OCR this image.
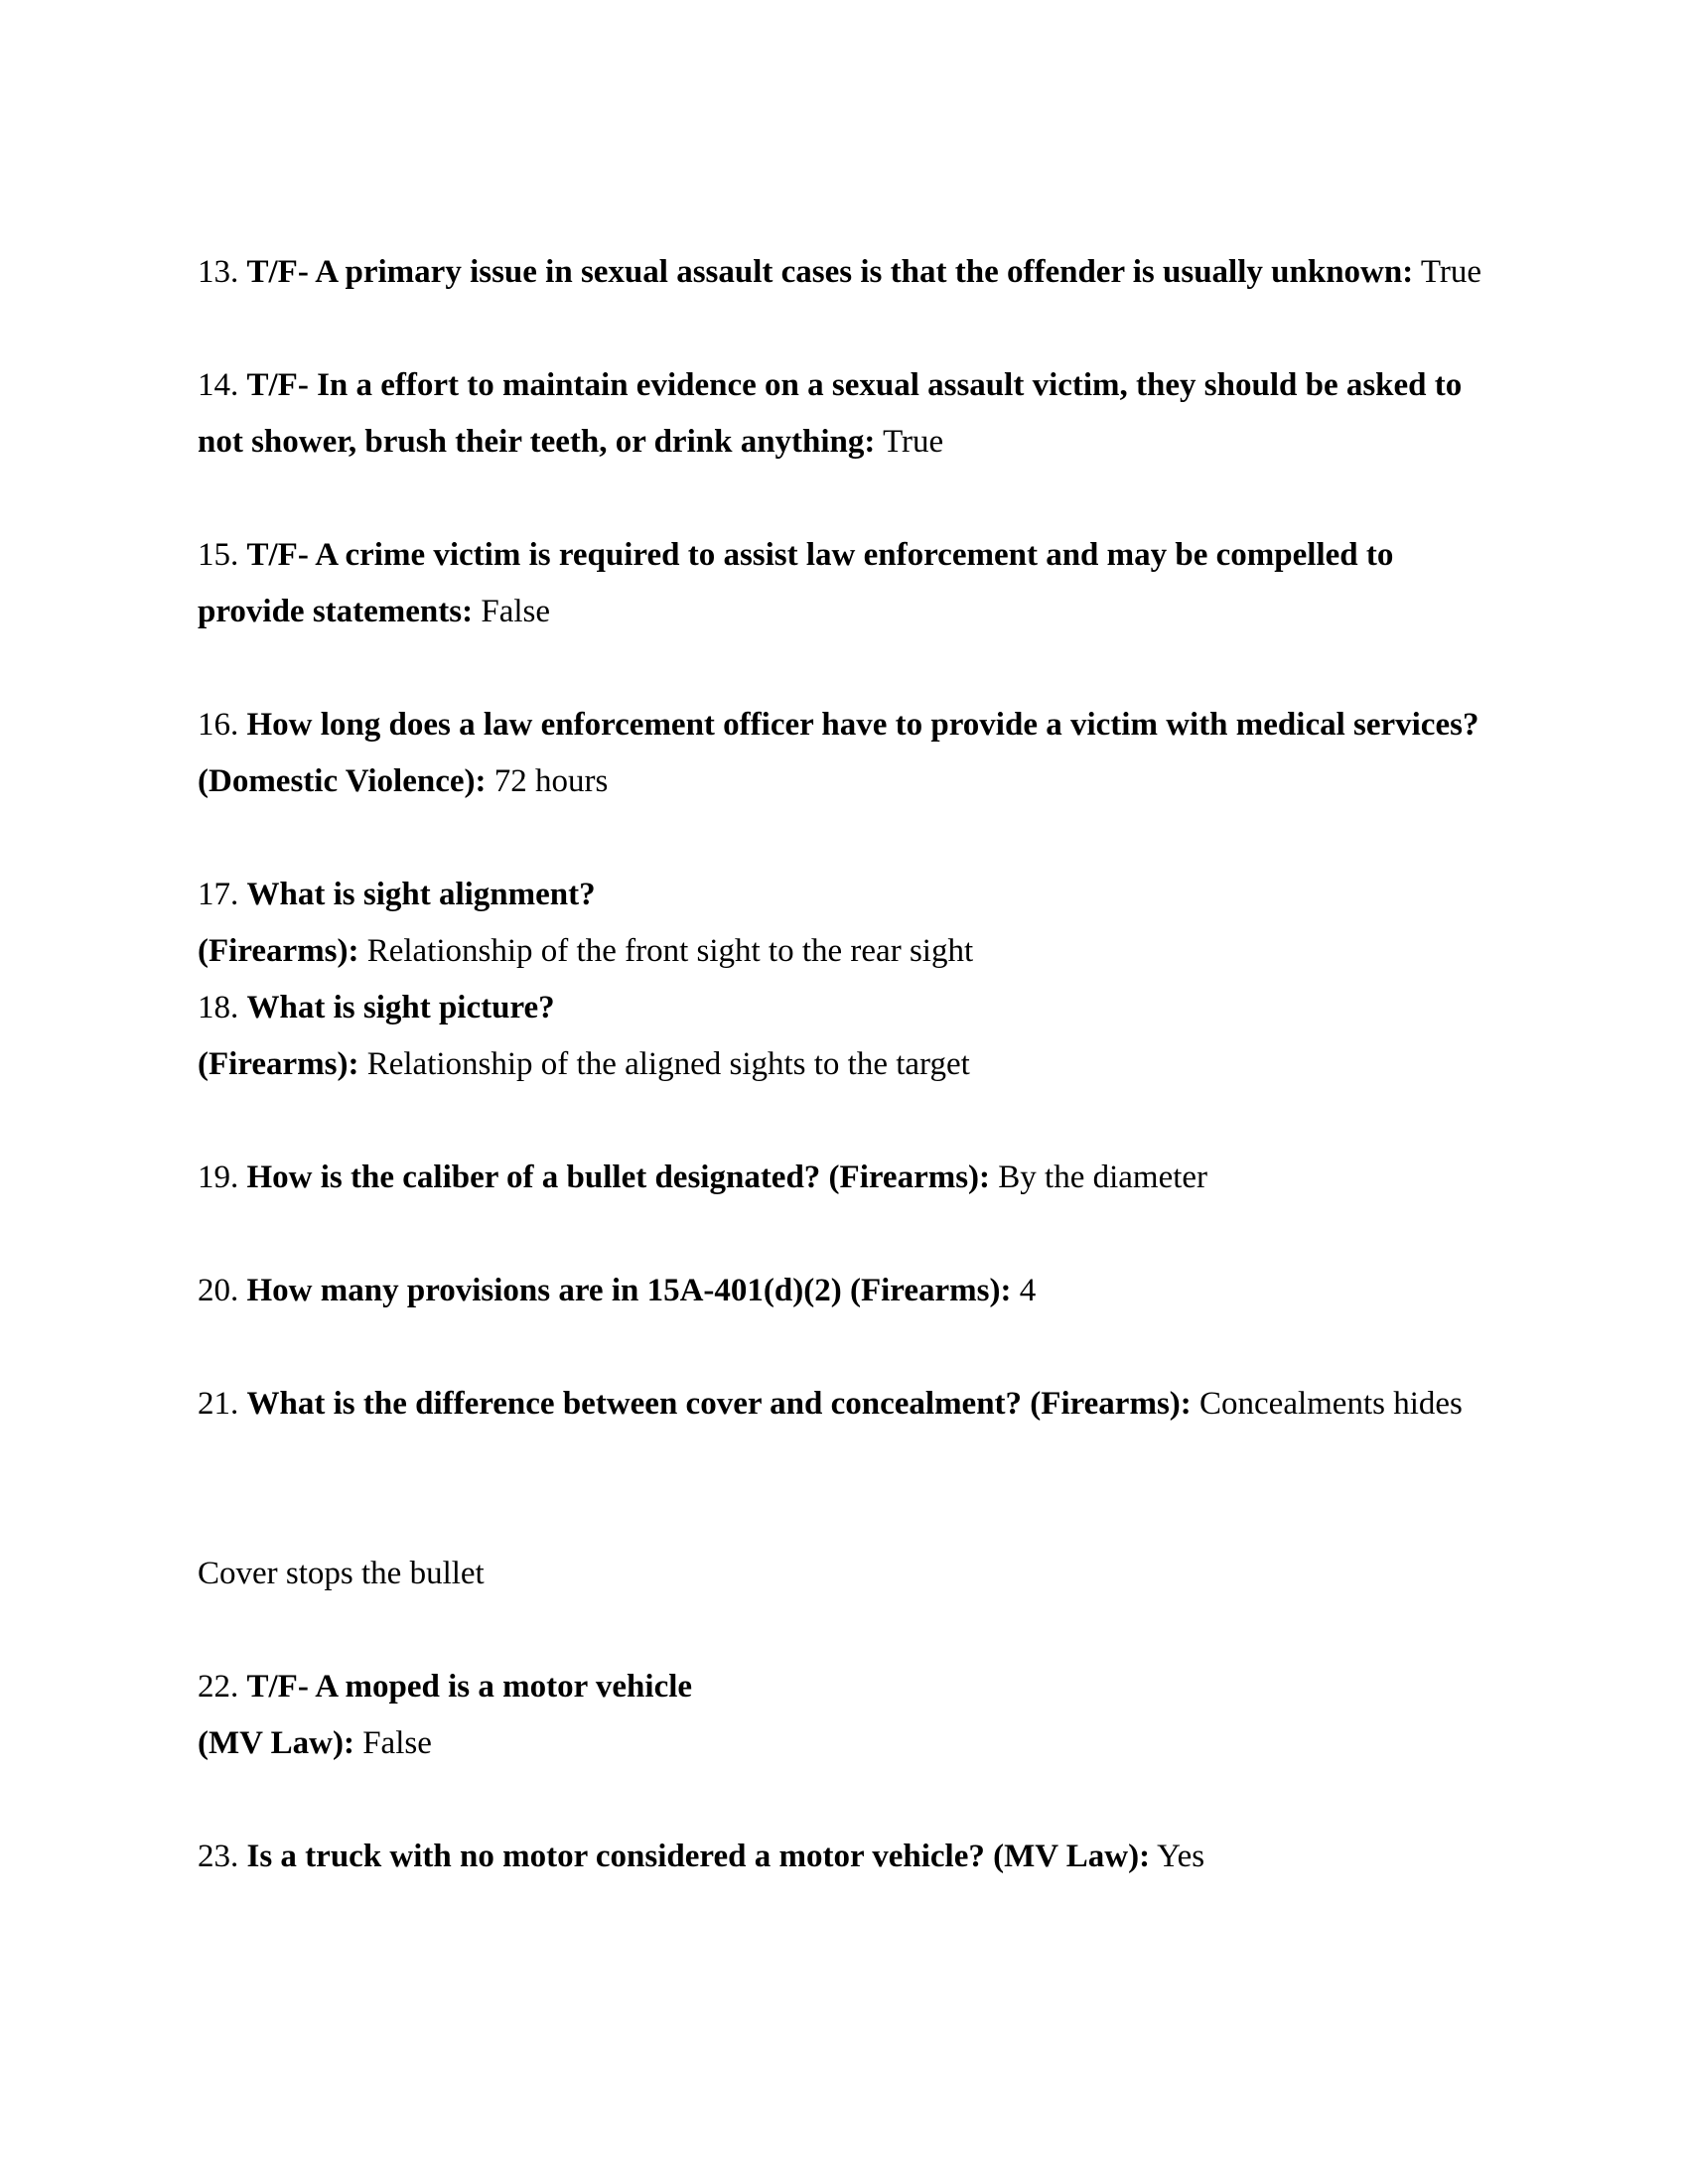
13. T/F- A primary issue in sexual assault cases is that the offender is usually unknown: True
14. T/F- In a effort to maintain evidence on a sexual assault victim, they should be asked to
not shower, brush their teeth, or drink anything: True
15. T/F- A crime victim is required to assist law enforcement and may be compelled to
provide statements: False
16. How long does a law enforcement officer have to provide a victim with medical services?
(Domestic Violence): 72 hours
17. What is sight alignment?
(Firearms): Relationship of the front sight to the rear sight
18. What is sight picture?
(Firearms): Relationship of the aligned sights to the target
19. How is the caliber of a bullet designated? (Firearms): By the diameter
20. How many provisions are in 15A-401(d)(2) (Firearms): 4
21. What is the difference between cover and concealment? (Firearms): Concealments hides
Cover stops the bullet
22. T/F- A moped is a motor vehicle
(MV Law): False
23. Is a truck with no motor considered a motor vehicle? (MV Law): Yes
